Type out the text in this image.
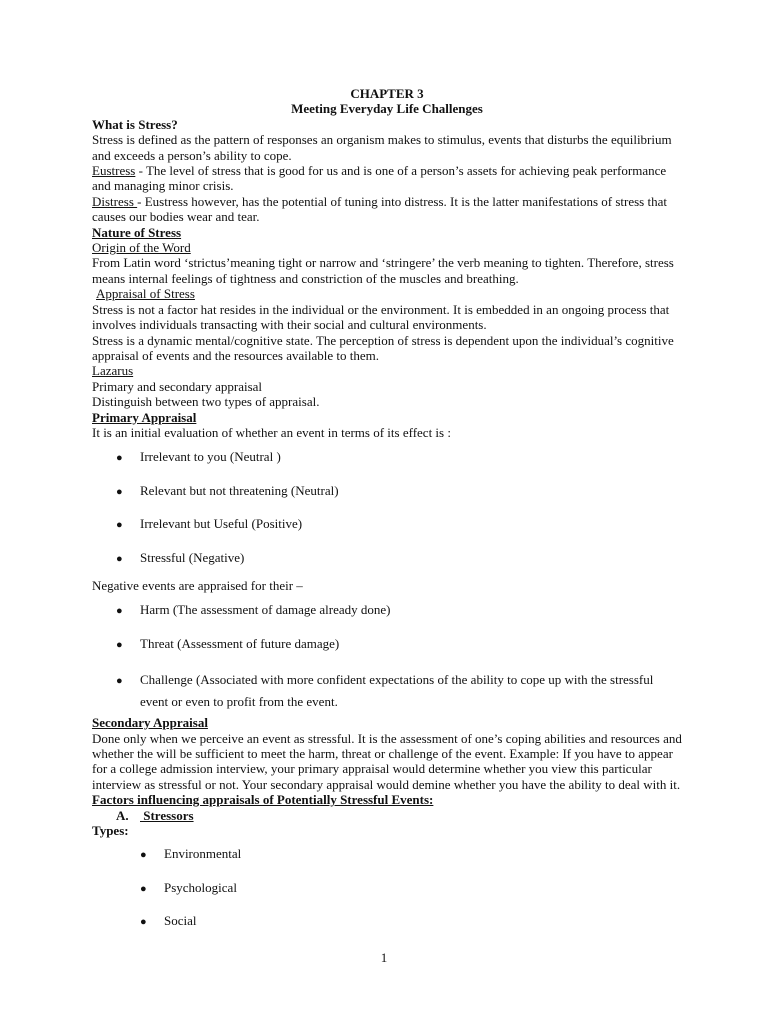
CHAPTER 3

Meeting Everyday Life Challenges

What is Stress?

Stress is defined as the pattern of responses an organism makes to stimulus, events that disturbs the equilibrium and exceeds a person’s ability to cope.

Eustress - The level of stress that is good for us and is one of a person’s assets for achieving peak performance and managing minor crisis.

Distress - Eustress however, has the potential of tuning into distress. It is the latter manifestations of stress that causes our bodies wear and tear.

Nature of Stress

Origin of the Word

From Latin word ‘strictus’meaning tight or narrow and ‘stringere’ the verb meaning to tighten. Therefore, stress means internal feelings of tightness and constriction of the muscles and breathing.

Appraisal of Stress

Stress is not a factor hat resides in the individual or the environment. It is embedded in an ongoing process that involves individuals transacting with their social and cultural environments.

Stress is a dynamic mental/cognitive state. The perception of stress is dependent upon the individual’s cognitive appraisal of events and the resources available to them.

Lazarus

Primary and secondary appraisal

Distinguish between two types of appraisal.

Primary Appraisal

It is an initial evaluation of whether an event in terms of its effect is :

●	Irrelevant to you (Neutral )
●	Relevant but not threatening (Neutral)
●	Irrelevant but Useful (Positive)
●	Stressful (Negative)

Negative events are appraised for their –

●	Harm (The assessment of damage already done)
●	Threat (Assessment of future damage)
●	Challenge (Associated with more confident expectations of the ability to cope up with the stressful event or even to profit from the event.

Secondary Appraisal

Done only when we perceive an event as stressful. It is the assessment of one’s coping abilities and resources and whether the will be sufficient to meet the harm, threat or challenge of the event. Example: If you have to appear for a college admission interview, your primary appraisal would determine whether you view this particular interview as stressful or not. Your secondary appraisal would demine whether you have the ability to deal with it.

Factors influencing appraisals of Potentially Stressful Events:

A. Stressors

Types:

●	Environmental
●	Psychological
●	Social
1
